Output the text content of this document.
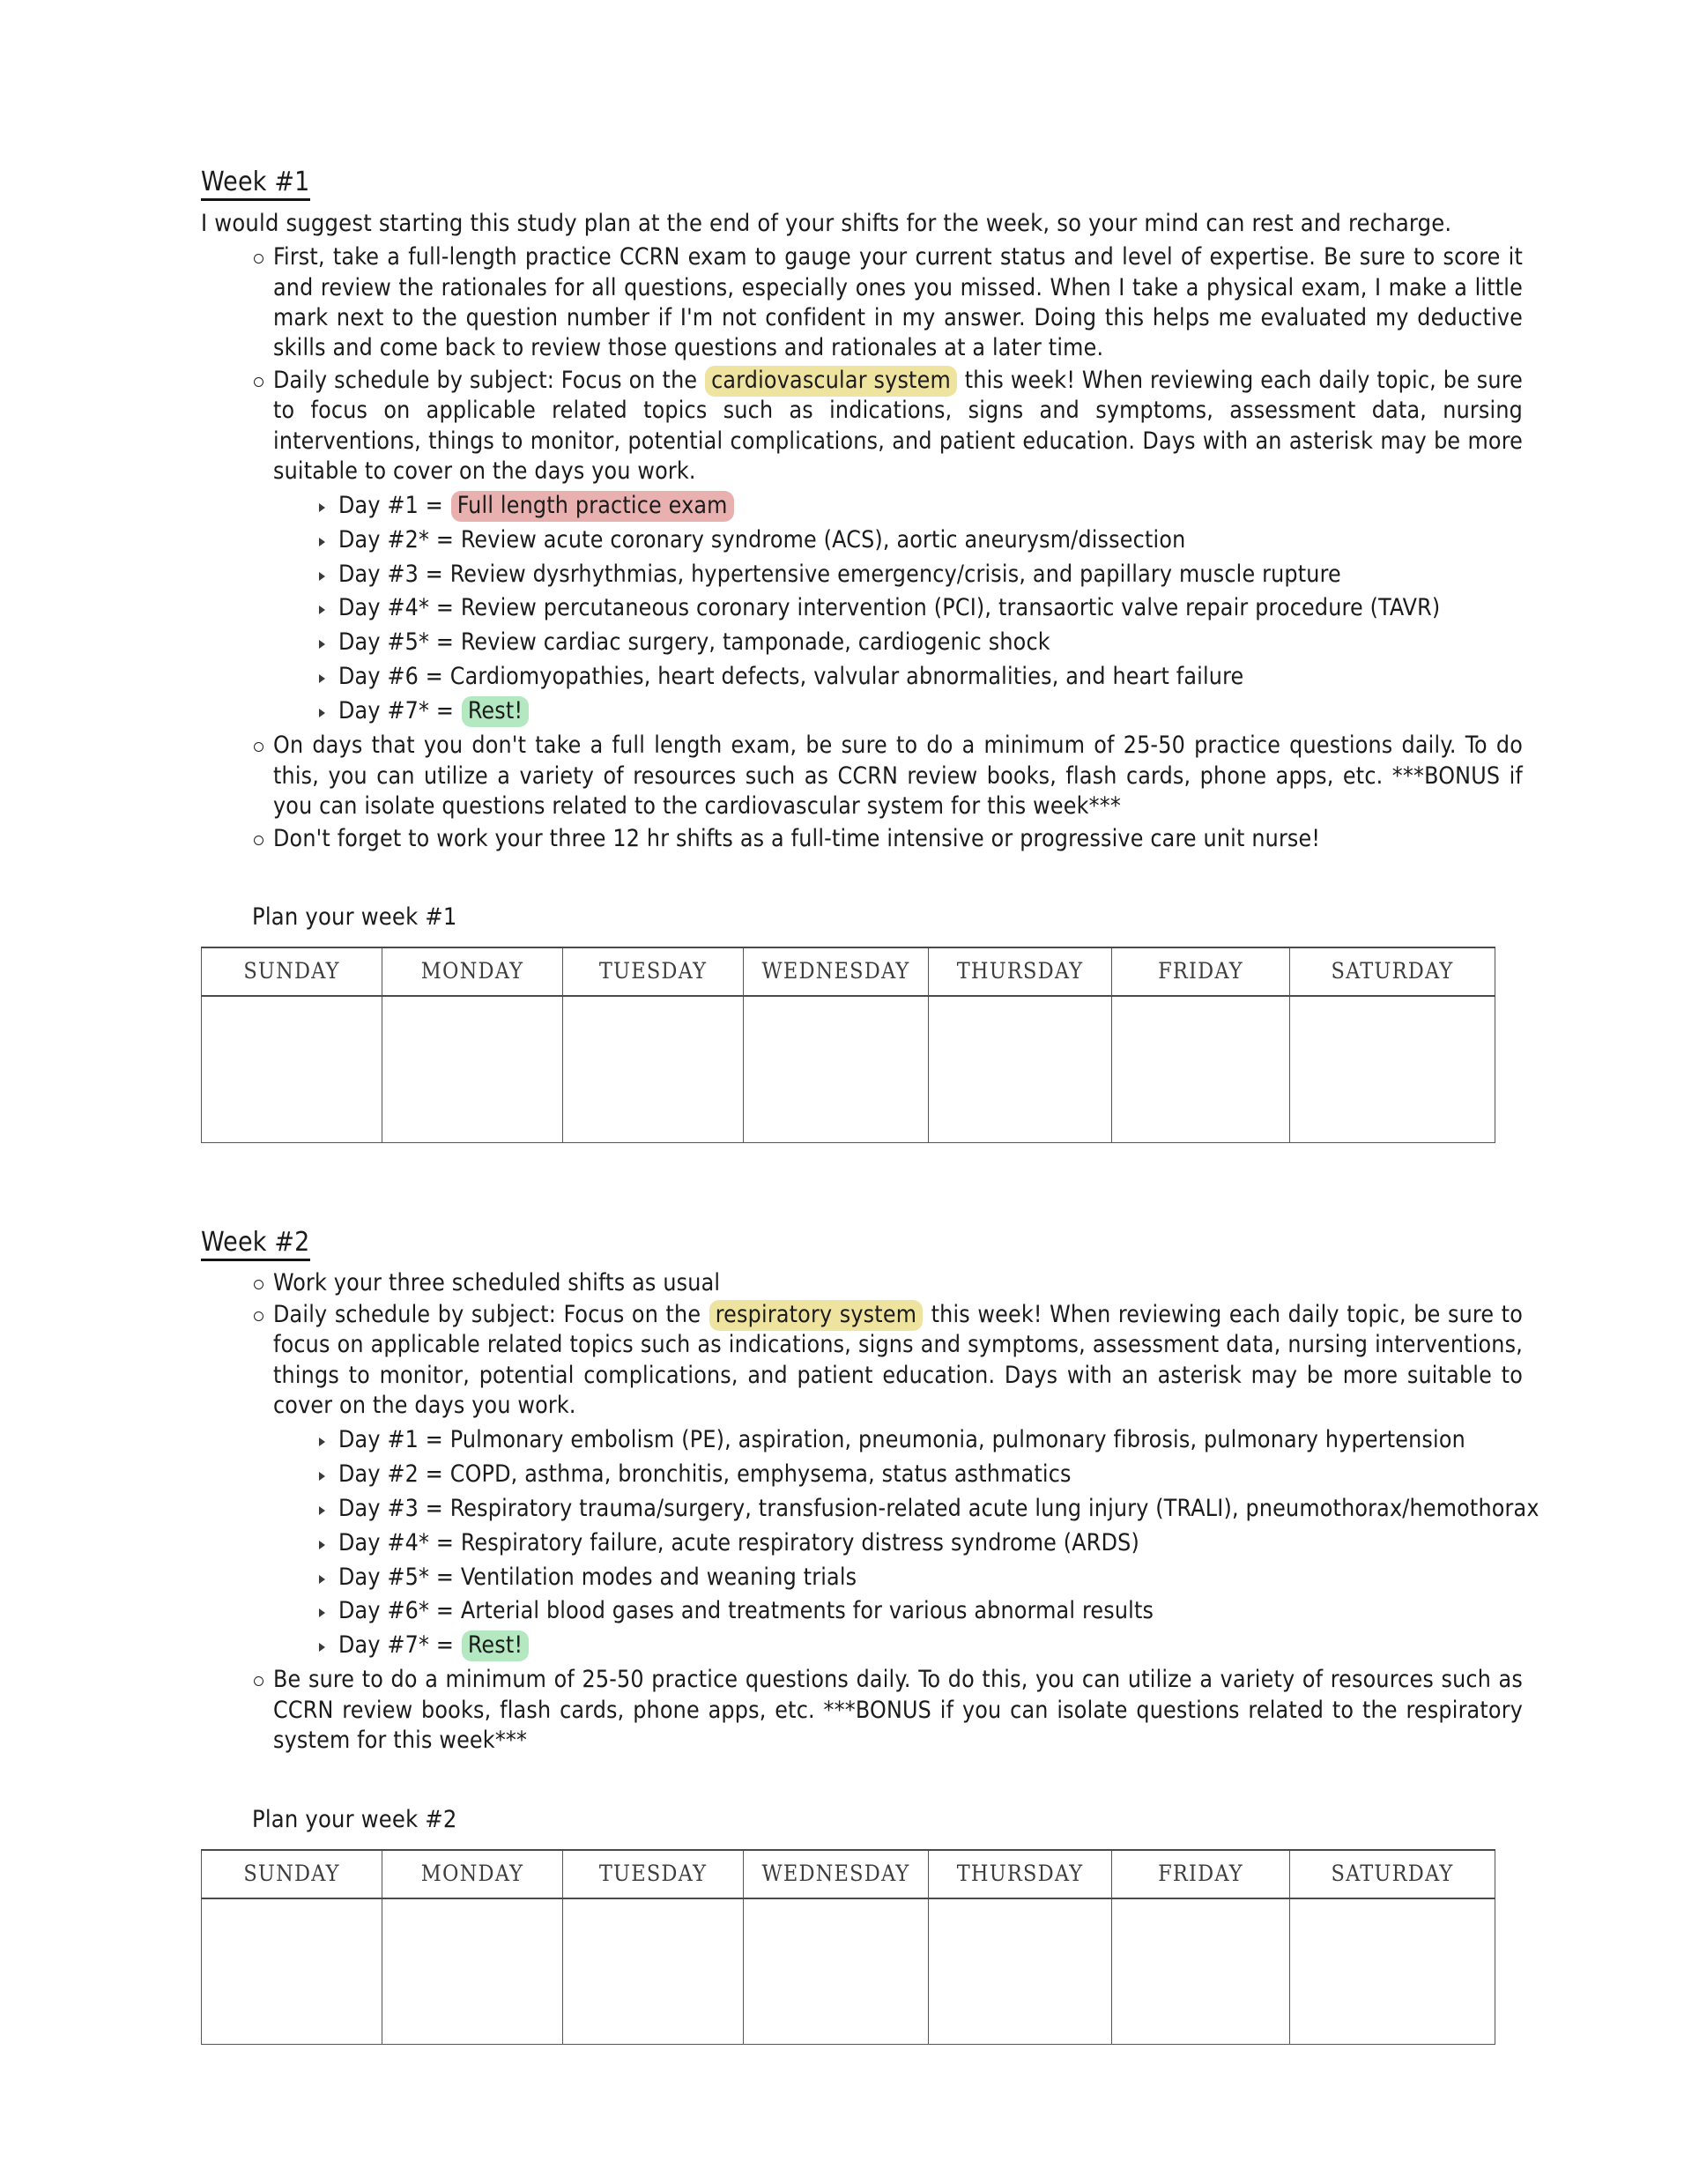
Week #1

I would suggest starting this study plan at the end of your shifts for the week, so your mind can rest and recharge.

First, take a full-length practice CCRN exam to gauge your current status and level of expertise. Be sure to score it and review the rationales for all questions, especially ones you missed. When I take a physical exam, I make a little mark next to the question number if I'm not confident in my answer. Doing this helps me evaluated my deductive skills and come back to review those questions and rationales at a later time.
Daily schedule by subject: Focus on the cardiovascular system this week! When reviewing each daily topic, be sure to focus on applicable related topics such as indications, signs and symptoms, assessment data, nursing interventions, things to monitor, potential complications, and patient education. Days with an asterisk may be more suitable to cover on the days you work.
Day #1 = Full length practice exam
Day #2* = Review acute coronary syndrome (ACS), aortic aneurysm/dissection
Day #3 = Review dysrhythmias, hypertensive emergency/crisis, and papillary muscle rupture
Day #4* = Review percutaneous coronary intervention (PCI), transaortic valve repair procedure (TAVR)
Day #5* = Review cardiac surgery, tamponade, cardiogenic shock
Day #6 = Cardiomyopathies, heart defects, valvular abnormalities, and heart failure
Day #7* = Rest!
On days that you don't take a full length exam, be sure to do a minimum of 25-50 practice questions daily. To do this, you can utilize a variety of resources such as CCRN review books, flash cards, phone apps, etc. ***BONUS if you can isolate questions related to the cardiovascular system for this week***
Don't forget to work your three 12 hr shifts as a full-time intensive or progressive care unit nurse!
Plan your week #1
SUNDAY	MONDAY	TUESDAY	WEDNESDAY	THURSDAY	FRIDAY	SATURDAY

Week #2
Work your three scheduled shifts as usual
Daily schedule by subject: Focus on the respiratory system this week! When reviewing each daily topic, be sure to focus on applicable related topics such as indications, signs and symptoms, assessment data, nursing interventions, things to monitor, potential complications, and patient education. Days with an asterisk may be more suitable to cover on the days you work.
Day #1 = Pulmonary embolism (PE), aspiration, pneumonia, pulmonary fibrosis, pulmonary hypertension
Day #2 = COPD, asthma, bronchitis, emphysema, status asthmatics
Day #3 = Respiratory trauma/surgery, transfusion-related acute lung injury (TRALI), pneumothorax/hemothorax
Day #4* = Respiratory failure, acute respiratory distress syndrome (ARDS)
Day #5* = Ventilation modes and weaning trials
Day #6* = Arterial blood gases and treatments for various abnormal results
Day #7* = Rest!
Be sure to do a minimum of 25-50 practice questions daily. To do this, you can utilize a variety of resources such as CCRN review books, flash cards, phone apps, etc. ***BONUS if you can isolate questions related to the respiratory system for this week***
Plan your week #2
SUNDAY	MONDAY	TUESDAY	WEDNESDAY	THURSDAY	FRIDAY	SATURDAY
